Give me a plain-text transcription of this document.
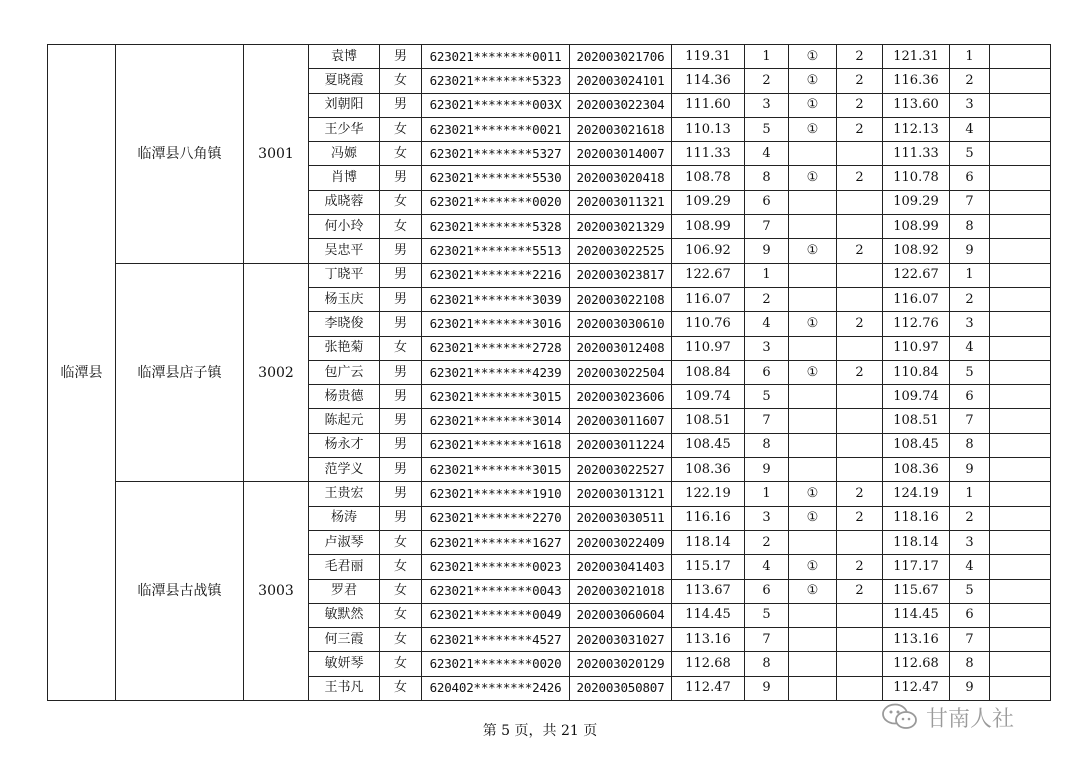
临潭县	临潭县八角镇	3001	袁博	男	623021********0011	202003021706	119.31	1	①	2	121.31	1	
			夏晓霞	女	623021********5323	202003024101	114.36	2	①	2	116.36	2	
			刘朝阳	男	623021********003X	202003022304	111.60	3	①	2	113.60	3	
			王少华	女	623021********0021	202003021618	110.13	5	①	2	112.13	4	
			冯嫄	女	623021********5327	202003014007	111.33	4			111.33	5	
			肖博	男	623021********5530	202003020418	108.78	8	①	2	110.78	6	
			成晓蓉	女	623021********0020	202003011321	109.29	6			109.29	7	
			何小玲	女	623021********5328	202003021329	108.99	7			108.99	8	
			吴忠平	男	623021********5513	202003022525	106.92	9	①	2	108.92	9	
	临潭县店子镇	3002	丁晓平	男	623021********2216	202003023817	122.67	1			122.67	1	
			杨玉庆	男	623021********3039	202003022108	116.07	2			116.07	2	
			李晓俊	男	623021********3016	202003030610	110.76	4	①	2	112.76	3	
			张艳菊	女	623021********2728	202003012408	110.97	3			110.97	4	
			包广云	男	623021********4239	202003022504	108.84	6	①	2	110.84	5	
			杨贵德	男	623021********3015	202003023606	109.74	5			109.74	6	
			陈起元	男	623021********3014	202003011607	108.51	7			108.51	7	
			杨永才	男	623021********1618	202003011224	108.45	8			108.45	8	
			范学义	男	623021********3015	202003022527	108.36	9			108.36	9	
	临潭县古战镇	3003	王贵宏	男	623021********1910	202003013121	122.19	1	①	2	124.19	1	
			杨涛	男	623021********2270	202003030511	116.16	3	①	2	118.16	2	
			卢淑琴	女	623021********1627	202003022409	118.14	2			118.14	3	
			毛君丽	女	623021********0023	202003041403	115.17	4	①	2	117.17	4	
			罗君	女	623021********0043	202003021018	113.67	6	①	2	115.67	5	
			敏默然	女	623021********0049	202003060604	114.45	5			114.45	6	
			何三霞	女	623021********4527	202003031027	113.16	7			113.16	7	
			敏妍琴	女	623021********0020	202003020129	112.68	8			112.68	8	
			王书凡	女	620402********2426	202003050807	112.47	9			112.47	9	
第 5 页，共 21 页	甘南人社
